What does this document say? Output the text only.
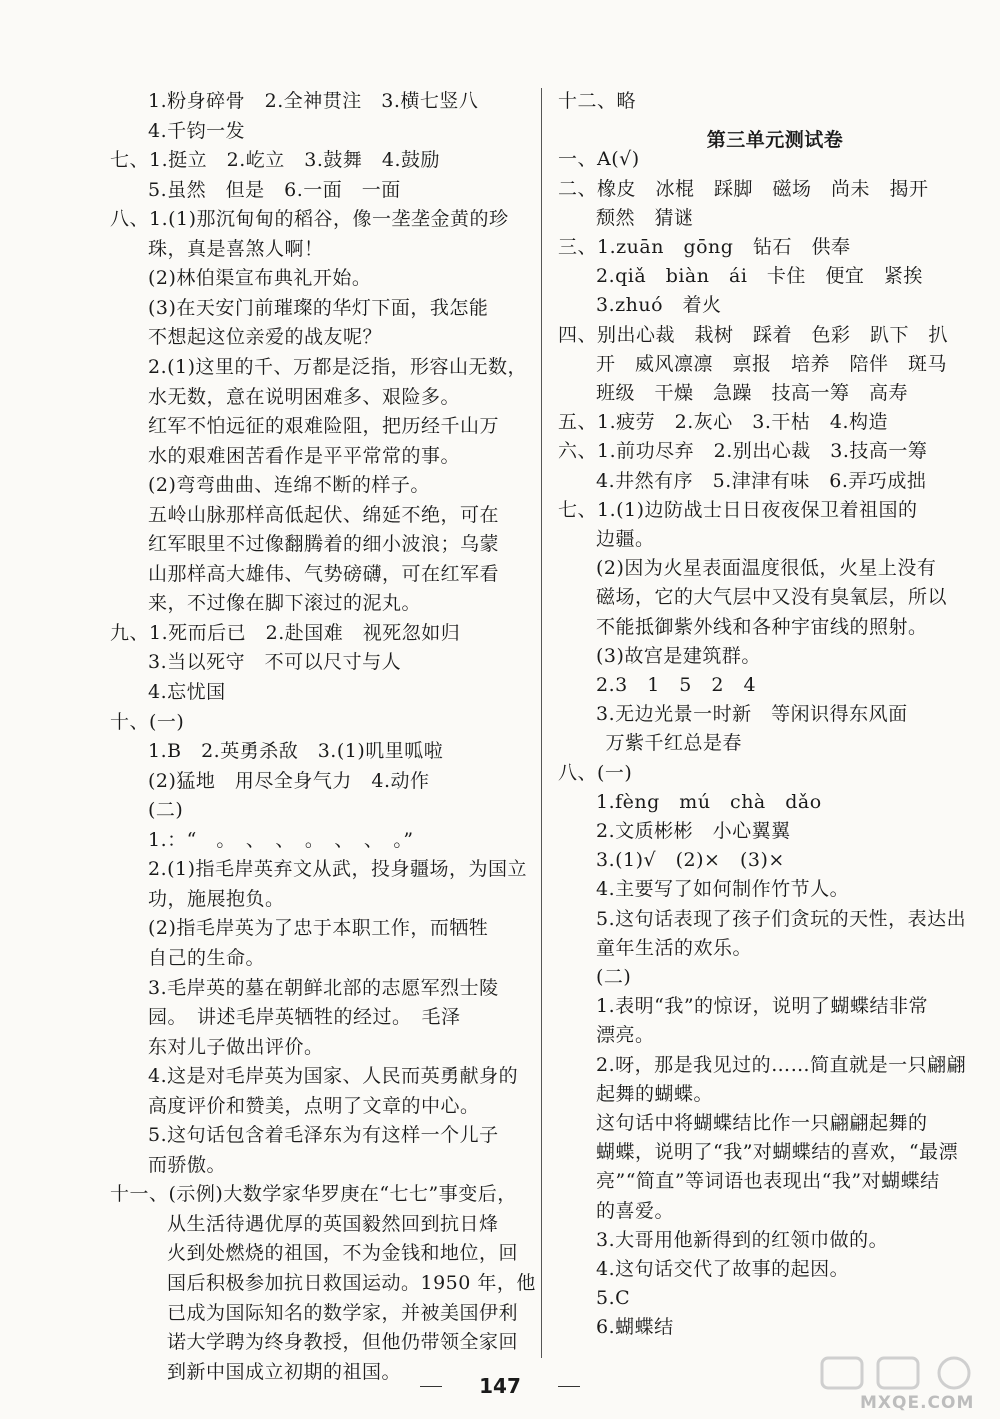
1.粉身碎骨　2.全神贯注　3.横七竖八
4.千钧一发
七、1.挺立　2.屹立　3.鼓舞　4.鼓励
5.虽然　但是　6.一面　一面
八、1.(1)那沉甸甸的稻谷，像一垄垄金黄的珍
珠，真是喜煞人啊！
(2)林伯渠宣布典礼开始。
(3)在天安门前璀璨的华灯下面，我怎能
不想起这位亲爱的战友呢？
2.(1)这里的千、万都是泛指，形容山无数，
水无数，意在说明困难多、艰险多。
红军不怕远征的艰难险阻，把历经千山万
水的艰难困苦看作是平平常常的事。
(2)弯弯曲曲、连绵不断的样子。
五岭山脉那样高低起伏、绵延不绝，可在
红军眼里不过像翻腾着的细小波浪；乌蒙
山那样高大雄伟、气势磅礴，可在红军看
来，不过像在脚下滚过的泥丸。
九、1.死而后已　2.赴国难　视死忽如归
3.当以死守　不可以尺寸与人
4.忘忧国
十、(一)
1.B　2.英勇杀敌　3.(1)叽里呱啦
(2)猛地　用尽全身气力　4.动作
(二)
1.：“　。　、　、　。　、　、　。”
2.(1)指毛岸英弃文从武，投身疆场，为国立
功，施展抱负。
(2)指毛岸英为了忠于本职工作，而牺牲
自己的生命。
3.毛岸英的墓在朝鲜北部的志愿军烈士陵
园。　讲述毛岸英牺牲的经过。　毛泽
东对儿子做出评价。
4.这是对毛岸英为国家、人民而英勇献身的
高度评价和赞美，点明了文章的中心。
5.这句话包含着毛泽东为有这样一个儿子
而骄傲。
十一、(示例)大数学家华罗庚在“七七”事变后，
从生活待遇优厚的英国毅然回到抗日烽
火到处燃烧的祖国，不为金钱和地位，回
国后积极参加抗日救国运动。1950 年，他
已成为国际知名的数学家，并被美国伊利
诺大学聘为终身教授，但他仍带领全家回
到新中国成立初期的祖国。
十二、略
第三单元测试卷
一、A(√)
二、橡皮　冰棍　踩脚　磁场　尚未　揭开
颓然　猜谜
三、1.zuān　gōng　钻石　供奉
2.qiǎ　biàn　ái　卡住　便宜　紧挨
3.zhuó　着火
四、别出心裁　栽树　踩着　色彩　趴下　扒
开　威风凛凛　禀报　培养　陪伴　斑马
班级　干燥　急躁　技高一筹　高寿
五、1.疲劳　2.灰心　3.干枯　4.构造
六、1.前功尽弃　2.别出心裁　3.技高一筹
4.井然有序　5.津津有味　6.弄巧成拙
七、1.(1)边防战士日日夜夜保卫着祖国的
边疆。
(2)因为火星表面温度很低，火星上没有
磁场，它的大气层中又没有臭氧层，所以
不能抵御紫外线和各种宇宙线的照射。
(3)故宫是建筑群。
2.3　1　5　2　4
3.无边光景一时新　等闲识得东风面
万紫千红总是春
八、(一)
1.fèng　mú　chà　dǎo
2.文质彬彬　小心翼翼
3.(1)√　(2)×　(3)×
4.主要写了如何制作竹节人。
5.这句话表现了孩子们贪玩的天性，表达出
童年生活的欢乐。
(二)
1.表明“我”的惊讶，说明了蝴蝶结非常
漂亮。
2.呀，那是我见过的……简直就是一只翩翩
起舞的蝴蝶。
这句话中将蝴蝶结比作一只翩翩起舞的
蝴蝶，说明了“我”对蝴蝶结的喜欢，“最漂
亮”“简直”等词语也表现出“我”对蝴蝶结
的喜爱。
3.大哥用他新得到的红领巾做的。
4.这句话交代了故事的起因。
5.C
6.蝴蝶结
147
MXQE.COM
